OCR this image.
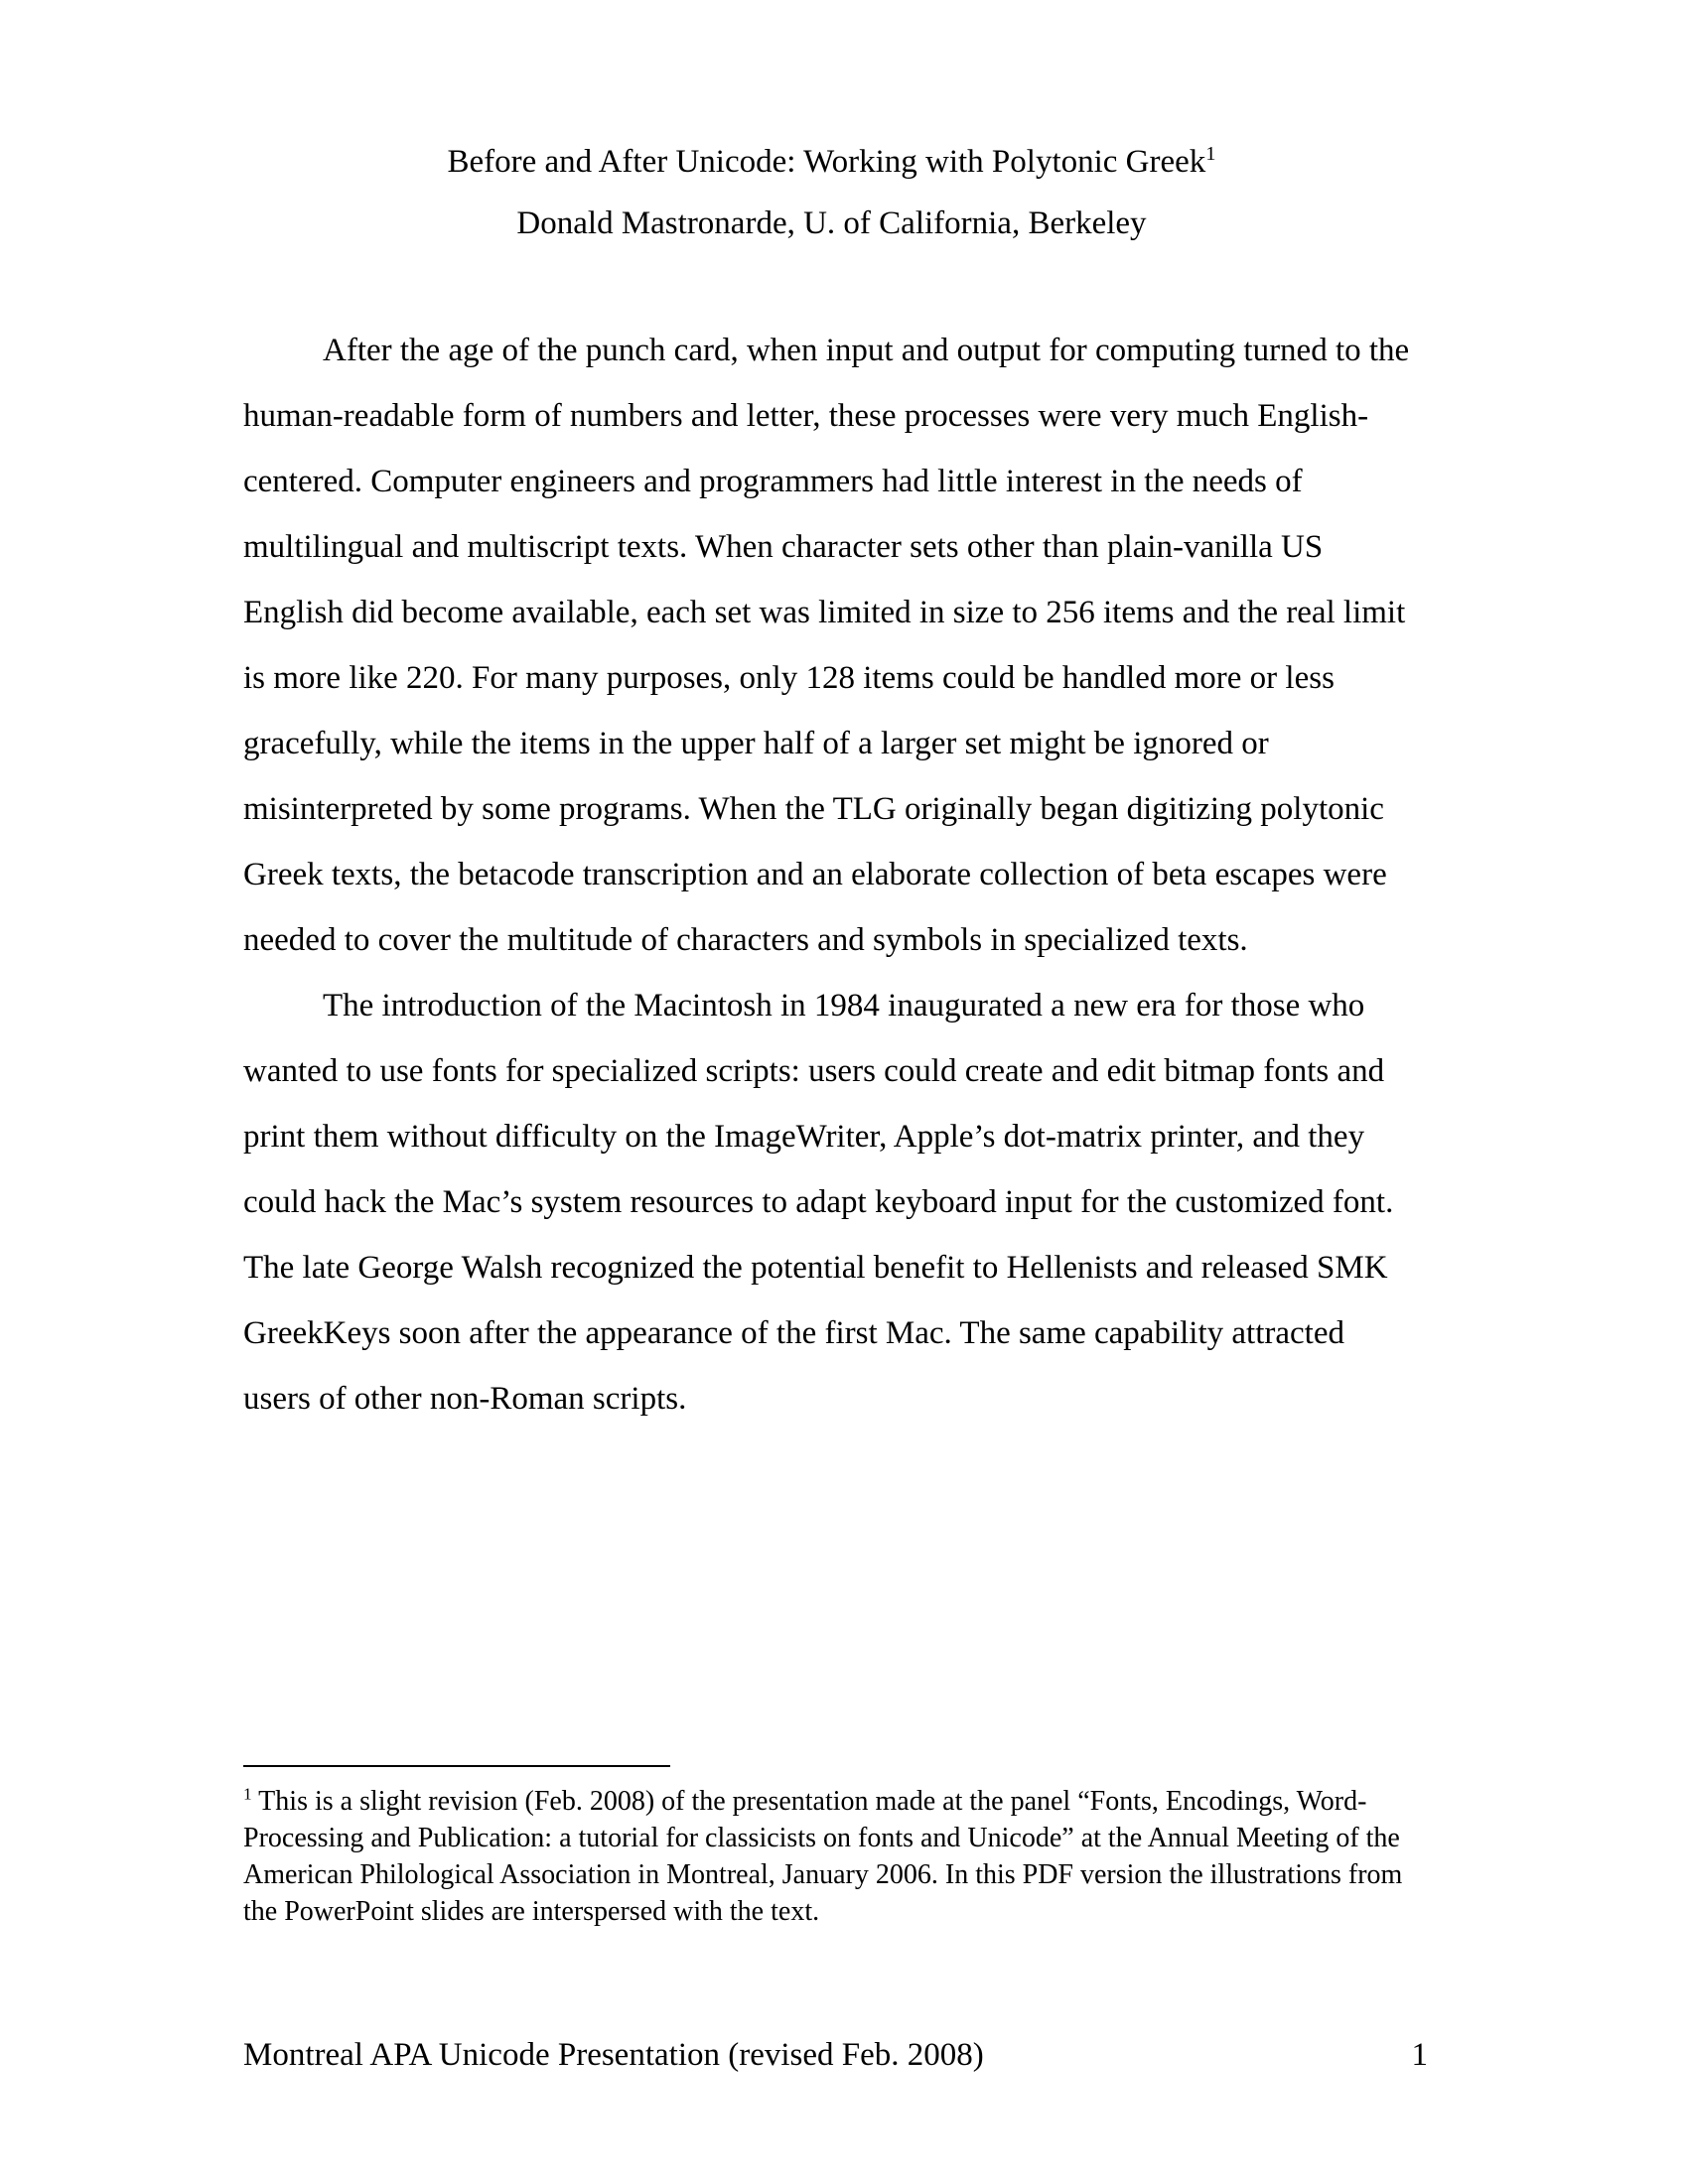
Before and After Unicode: Working with Polytonic Greek$^1$
Donald Mastronarde, U. of California, Berkeley

After the age of the punch card, when input and output for computing turned to the human-readable form of numbers and letter, these processes were very much English-centered. Computer engineers and programmers had little interest in the needs of multilingual and multiscript texts. When character sets other than plain-vanilla US English did become available, each set was limited in size to 256 items and the real limit is more like 220. For many purposes, only 128 items could be handled more or less gracefully, while the items in the upper half of a larger set might be ignored or misinterpreted by some programs. When the TLG originally began digitizing polytonic Greek texts, the betacode transcription and an elaborate collection of beta escapes were needed to cover the multitude of characters and symbols in specialized texts.

The introduction of the Macintosh in 1984 inaugurated a new era for those who wanted to use fonts for specialized scripts: users could create and edit bitmap fonts and print them without difficulty on the ImageWriter, Apple’s dot-matrix printer, and they could hack the Mac’s system resources to adapt keyboard input for the customized font. The late George Walsh recognized the potential benefit to Hellenists and released SMK GreekKeys soon after the appearance of the first Mac. The same capability attracted users of other non-Roman scripts.

$^1$ This is a slight revision (Feb. 2008) of the presentation made at the panel “Fonts, Encodings, Word-Processing and Publication: a tutorial for classicists on fonts and Unicode” at the Annual Meeting of the American Philological Association in Montreal, January 2006. In this PDF version the illustrations from the PowerPoint slides are interspersed with the text.

Montreal APA Unicode Presentation (revised Feb. 2008)	1
